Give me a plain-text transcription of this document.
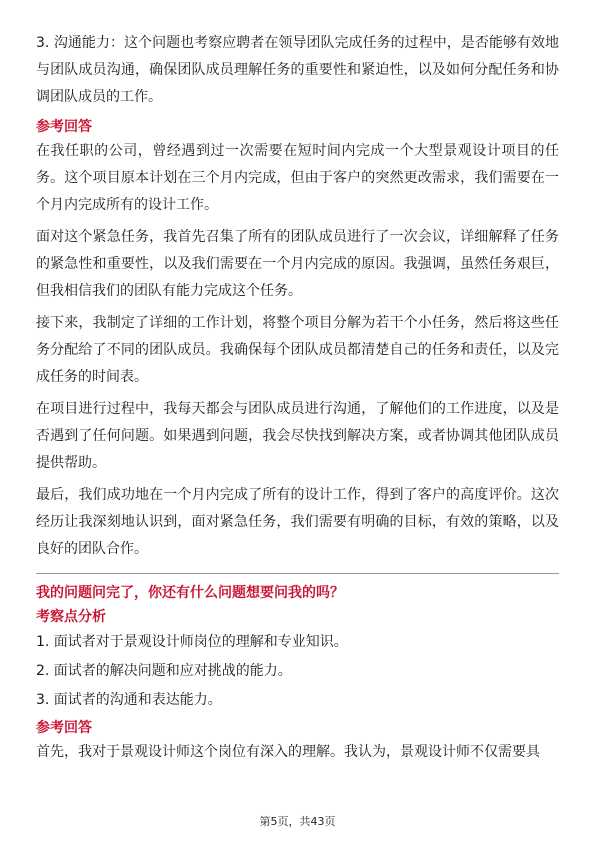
3. 沟通能力：这个问题也考察应聘者在领导团队完成任务的过程中，是否能够有效地与团队成员沟通，确保团队成员理解任务的重要性和紧迫性，以及如何分配任务和协调团队成员的工作。

参考回答

在我任职的公司，曾经遇到过一次需要在短时间内完成一个大型景观设计项目的任务。这个项目原本计划在三个月内完成，但由于客户的突然更改需求，我们需要在一个月内完成所有的设计工作。

面对这个紧急任务，我首先召集了所有的团队成员进行了一次会议，详细解释了任务的紧急性和重要性，以及我们需要在一个月内完成的原因。我强调，虽然任务艰巨，但我相信我们的团队有能力完成这个任务。

接下来，我制定了详细的工作计划，将整个项目分解为若干个小任务，然后将这些任务分配给了不同的团队成员。我确保每个团队成员都清楚自己的任务和责任，以及完成任务的时间表。

在项目进行过程中，我每天都会与团队成员进行沟通，了解他们的工作进度，以及是否遇到了任何问题。如果遇到问题，我会尽快找到解决方案，或者协调其他团队成员提供帮助。

最后，我们成功地在一个月内完成了所有的设计工作，得到了客户的高度评价。这次经历让我深刻地认识到，面对紧急任务，我们需要有明确的目标，有效的策略，以及良好的团队合作。

我的问题问完了，你还有什么问题想要问我的吗？
考察点分析
1. 面试者对于景观设计师岗位的理解和专业知识。
2. 面试者的解决问题和应对挑战的能力。
3. 面试者的沟通和表达能力。
参考回答

首先，我对于景观设计师这个岗位有深入的理解。我认为，景观设计师不仅需要具

第5页，共43页
